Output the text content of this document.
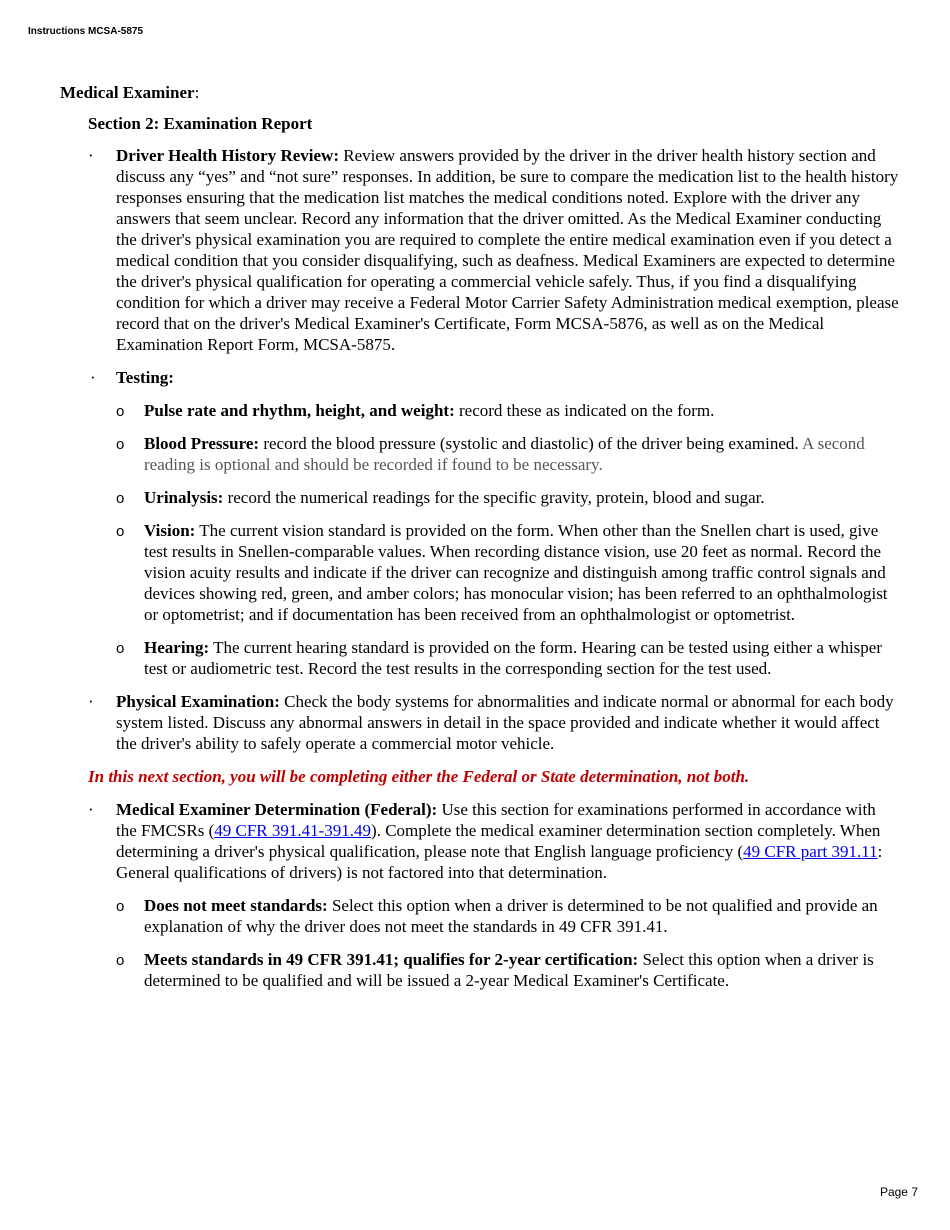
Instructions MCSA-5875
Medical Examiner:
Section 2: Examination Report
· Driver Health History Review: Review answers provided by the driver in the driver health history section and discuss any “yes” and “not sure” responses. In addition, be sure to compare the medication list to the health history responses ensuring that the medication list matches the medical conditions noted. Explore with the driver any answers that seem unclear. Record any information that the driver omitted. As the Medical Examiner conducting the driver's physical examination you are required to complete the entire medical examination even if you detect a medical condition that you consider disqualifying, such as deafness. Medical Examiners are expected to determine the driver's physical qualification for operating a commercial vehicle safely. Thus, if you find a disqualifying condition for which a driver may receive a Federal Motor Carrier Safety Administration medical exemption, please record that on the driver's Medical Examiner's Certificate, Form MCSA-5876, as well as on the Medical Examination Report Form, MCSA-5875.
· Testing:
o Pulse rate and rhythm, height, and weight: record these as indicated on the form.
o Blood Pressure: record the blood pressure (systolic and diastolic) of the driver being examined. A second reading is optional and should be recorded if found to be necessary.
o Urinalysis: record the numerical readings for the specific gravity, protein, blood and sugar.
o Vision: The current vision standard is provided on the form. When other than the Snellen chart is used, give test results in Snellen-comparable values. When recording distance vision, use 20 feet as normal. Record the vision acuity results and indicate if the driver can recognize and distinguish among traffic control signals and devices showing red, green, and amber colors; has monocular vision; has been referred to an ophthalmologist or optometrist; and if documentation has been received from an ophthalmologist or optometrist.
o Hearing: The current hearing standard is provided on the form. Hearing can be tested using either a whisper test or audiometric test. Record the test results in the corresponding section for the test used.
· Physical Examination: Check the body systems for abnormalities and indicate normal or abnormal for each body system listed. Discuss any abnormal answers in detail in the space provided and indicate whether it would affect the driver's ability to safely operate a commercial motor vehicle.
In this next section, you will be completing either the Federal or State determination, not both.
· Medical Examiner Determination (Federal): Use this section for examinations performed in accordance with the FMCSRs (49 CFR 391.41-391.49). Complete the medical examiner determination section completely. When determining a driver's physical qualification, please note that English language proficiency (49 CFR part 391.11: General qualifications of drivers) is not factored into that determination.
o Does not meet standards: Select this option when a driver is determined to be not qualified and provide an explanation of why the driver does not meet the standards in 49 CFR 391.41.
o Meets standards in 49 CFR 391.41; qualifies for 2-year certification: Select this option when a driver is determined to be qualified and will be issued a 2-year Medical Examiner's Certificate.
Page 7
